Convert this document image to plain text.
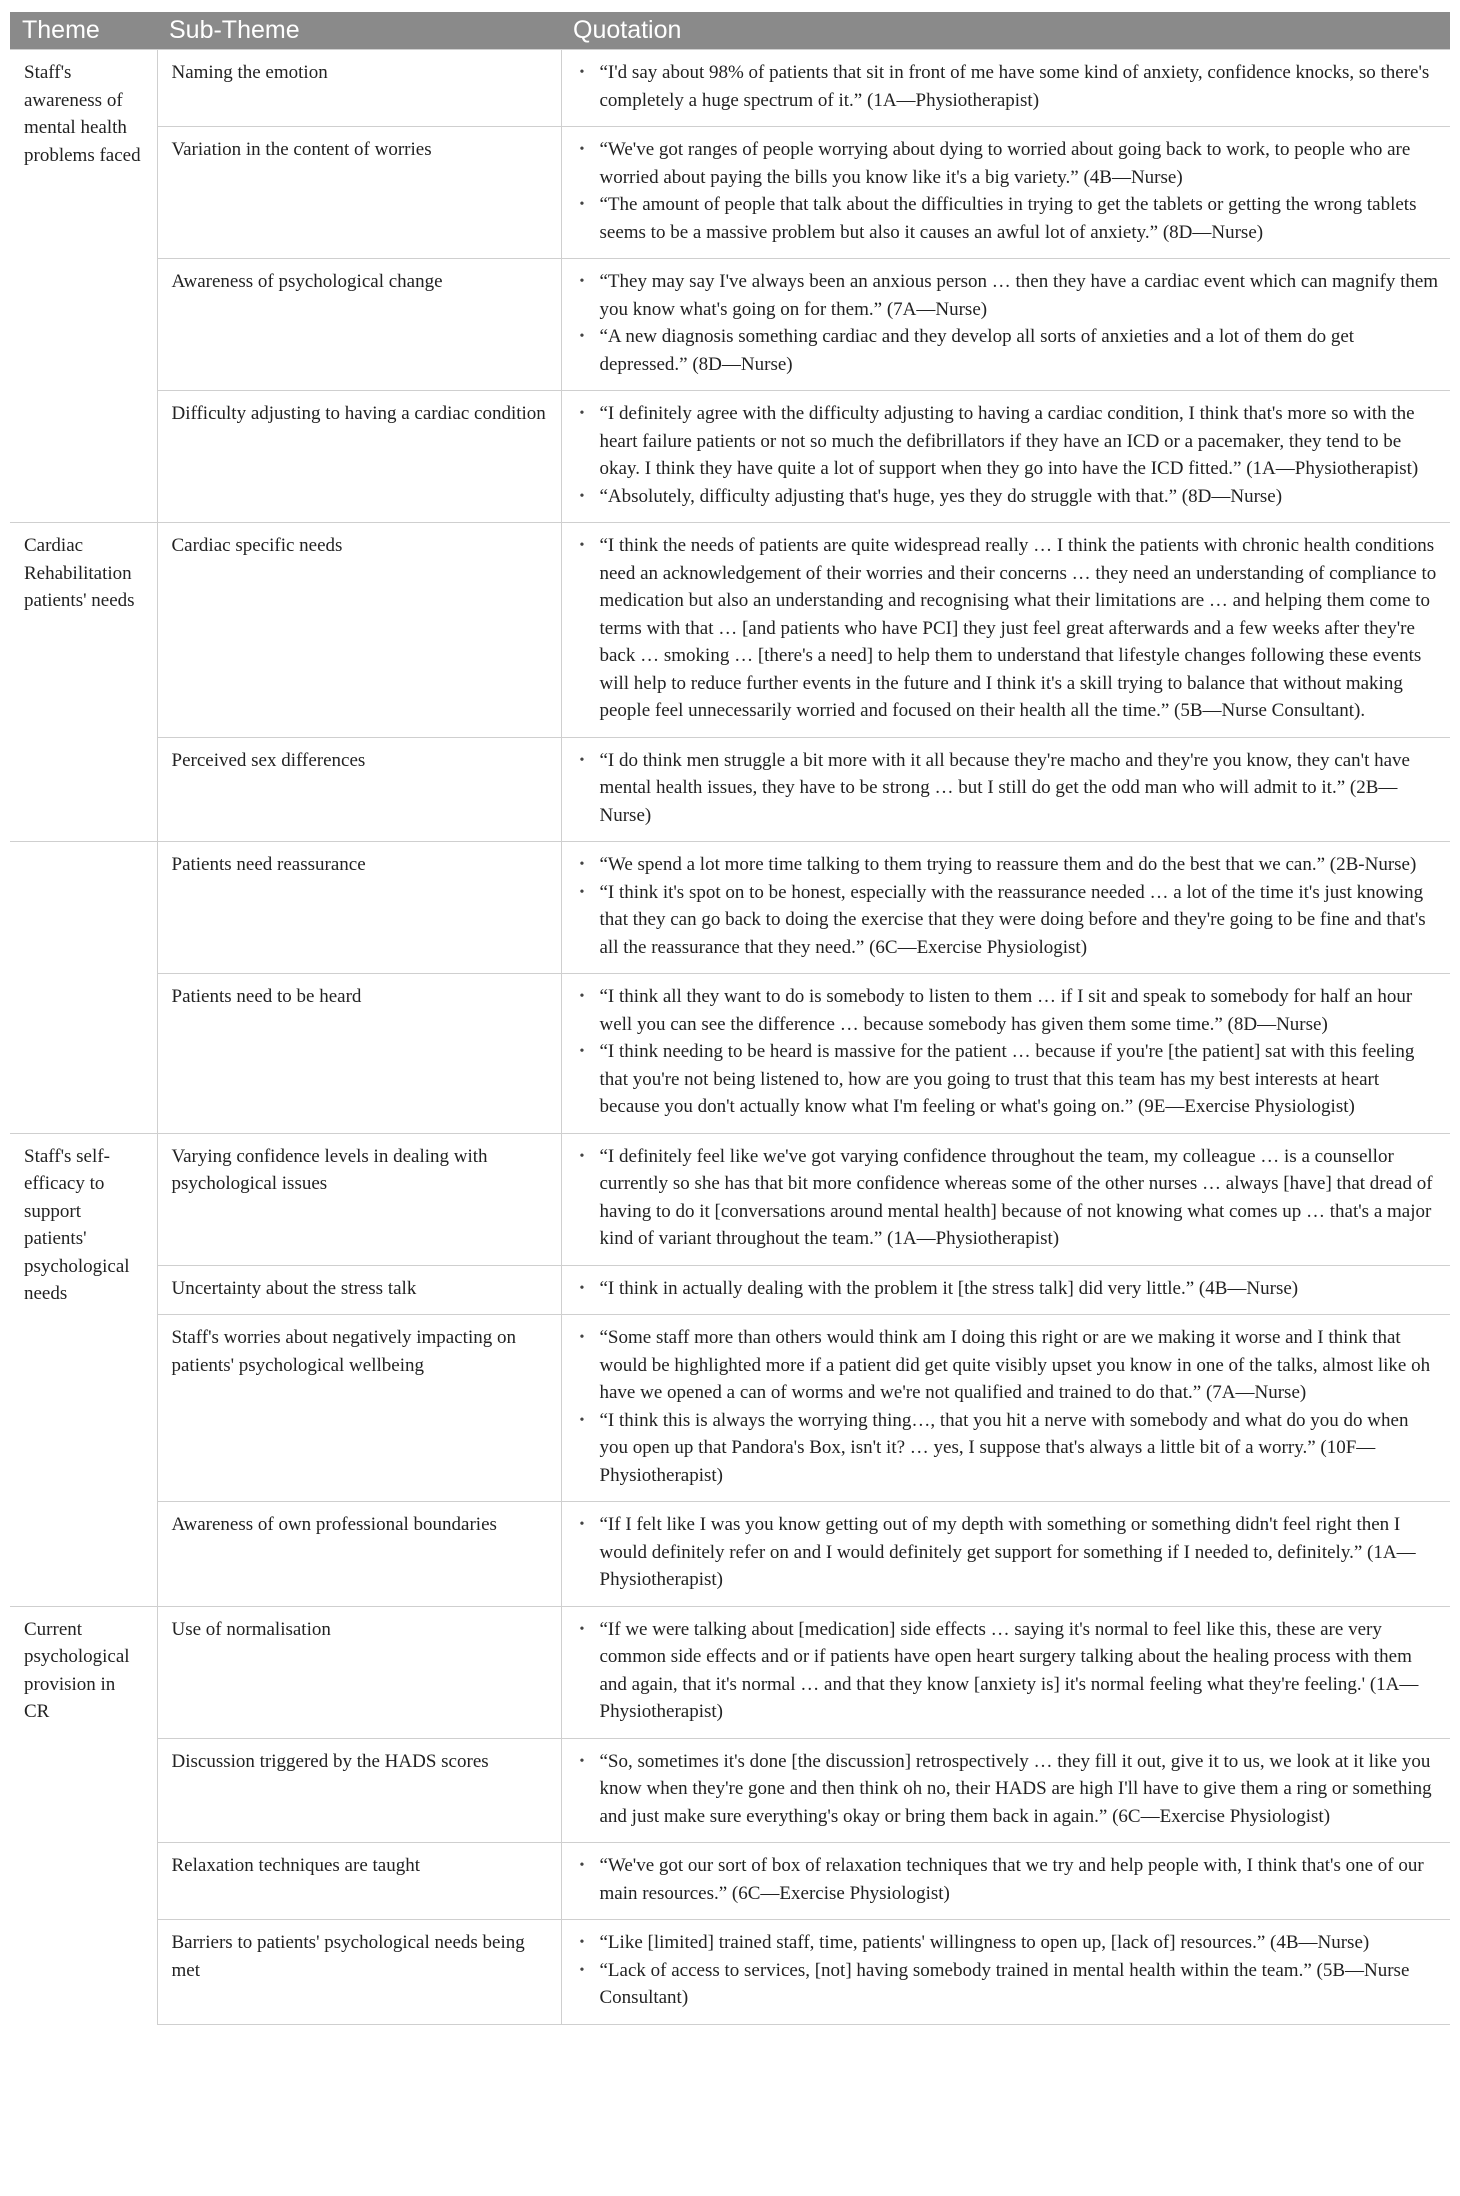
Theme	Sub-Theme	Quotation
Staff's awareness of mental health problems faced	Naming the emotion	• “I'd say about 98% of patients that sit in front of me have some kind of anxiety, confidence knocks, so there's completely a huge spectrum of it.” (1A—Physiotherapist)

	Variation in the content of worries	• “We've got ranges of people worrying about dying to worried about going back to work, to people who are worried about paying the bills you know like it's a big variety.” (4B—Nurse)
• “The amount of people that talk about the difficulties in trying to get the tablets or getting the wrong tablets seems to be a massive problem but also it causes an awful lot of anxiety.” (8D—Nurse)

	Awareness of psychological change	• “They may say I've always been an anxious person … then they have a cardiac event which can magnify them you know what's going on for them.” (7A—Nurse)
• “A new diagnosis something cardiac and they develop all sorts of anxieties and a lot of them do get depressed.” (8D—Nurse)

	Difficulty adjusting to having a cardiac condition	• “I definitely agree with the difficulty adjusting to having a cardiac condition, I think that's more so with the heart failure patients or not so much the defibrillators if they have an ICD or a pacemaker, they tend to be okay. I think they have quite a lot of support when they go into have the ICD fitted.” (1A—Physiotherapist)
• “Absolutely, difficulty adjusting that's huge, yes they do struggle with that.” (8D—Nurse)

Cardiac Rehabilitation patients' needs	Cardiac specific needs	• “I think the needs of patients are quite widespread really … I think the patients with chronic health conditions need an acknowledgement of their worries and their concerns … they need an understanding of compliance to medication but also an understanding and recognising what their limitations are … and helping them come to terms with that … [and patients who have PCI] they just feel great afterwards and a few weeks after they're back … smoking … [there's a need] to help them to understand that lifestyle changes following these events will help to reduce further events in the future and I think it's a skill trying to balance that without making people feel unnecessarily worried and focused on their health all the time.” (5B—Nurse Consultant).

	Perceived sex differences	• “I do think men struggle a bit more with it all because they're macho and they're you know, they can't have mental health issues, they have to be strong … but I still do get the odd man who will admit to it.” (2B—Nurse)

	Patients need reassurance	• “We spend a lot more time talking to them trying to reassure them and do the best that we can.” (2B-Nurse)
• “I think it's spot on to be honest, especially with the reassurance needed … a lot of the time it's just knowing that they can go back to doing the exercise that they were doing before and they're going to be fine and that's all the reassurance that they need.” (6C—Exercise Physiologist)

	Patients need to be heard	• “I think all they want to do is somebody to listen to them … if I sit and speak to somebody for half an hour well you can see the difference … because somebody has given them some time.” (8D—Nurse)
• “I think needing to be heard is massive for the patient … because if you're [the patient] sat with this feeling that you're not being listened to, how are you going to trust that this team has my best interests at heart because you don't actually know what I'm feeling or what's going on.” (9E—Exercise Physiologist)

Staff's self-efficacy to support patients' psychological needs	Varying confidence levels in dealing with psychological issues	• “I definitely feel like we've got varying confidence throughout the team, my colleague … is a counsellor currently so she has that bit more confidence whereas some of the other nurses … always [have] that dread of having to do it [conversations around mental health] because of not knowing what comes up … that's a major kind of variant throughout the team.” (1A—Physiotherapist)

	Uncertainty about the stress talk	• “I think in actually dealing with the problem it [the stress talk] did very little.” (4B—Nurse)

	Staff's worries about negatively impacting on patients' psychological wellbeing	• “Some staff more than others would think am I doing this right or are we making it worse and I think that would be highlighted more if a patient did get quite visibly upset you know in one of the talks, almost like oh have we opened a can of worms and we're not qualified and trained to do that.” (7A—Nurse)
• “I think this is always the worrying thing…, that you hit a nerve with somebody and what do you do when you open up that Pandora's Box, isn't it? … yes, I suppose that's always a little bit of a worry.” (10F—Physiotherapist)

	Awareness of own professional boundaries	• “If I felt like I was you know getting out of my depth with something or something didn't feel right then I would definitely refer on and I would definitely get support for something if I needed to, definitely.” (1A—Physiotherapist)

Current psychological provision in CR	Use of normalisation	• “If we were talking about [medication] side effects … saying it's normal to feel like this, these are very common side effects and or if patients have open heart surgery talking about the healing process with them and again, that it's normal … and that they know [anxiety is] it's normal feeling what they're feeling.' (1A—Physiotherapist)

	Discussion triggered by the HADS scores	• “So, sometimes it's done [the discussion] retrospectively … they fill it out, give it to us, we look at it like you know when they're gone and then think oh no, their HADS are high I'll have to give them a ring or something and just make sure everything's okay or bring them back in again.” (6C—Exercise Physiologist)

	Relaxation techniques are taught	• “We've got our sort of box of relaxation techniques that we try and help people with, I think that's one of our main resources.” (6C—Exercise Physiologist)

	Barriers to patients' psychological needs being met	• “Like [limited] trained staff, time, patients' willingness to open up, [lack of] resources.” (4B—Nurse)
• “Lack of access to services, [not] having somebody trained in mental health within the team.” (5B—Nurse Consultant)
